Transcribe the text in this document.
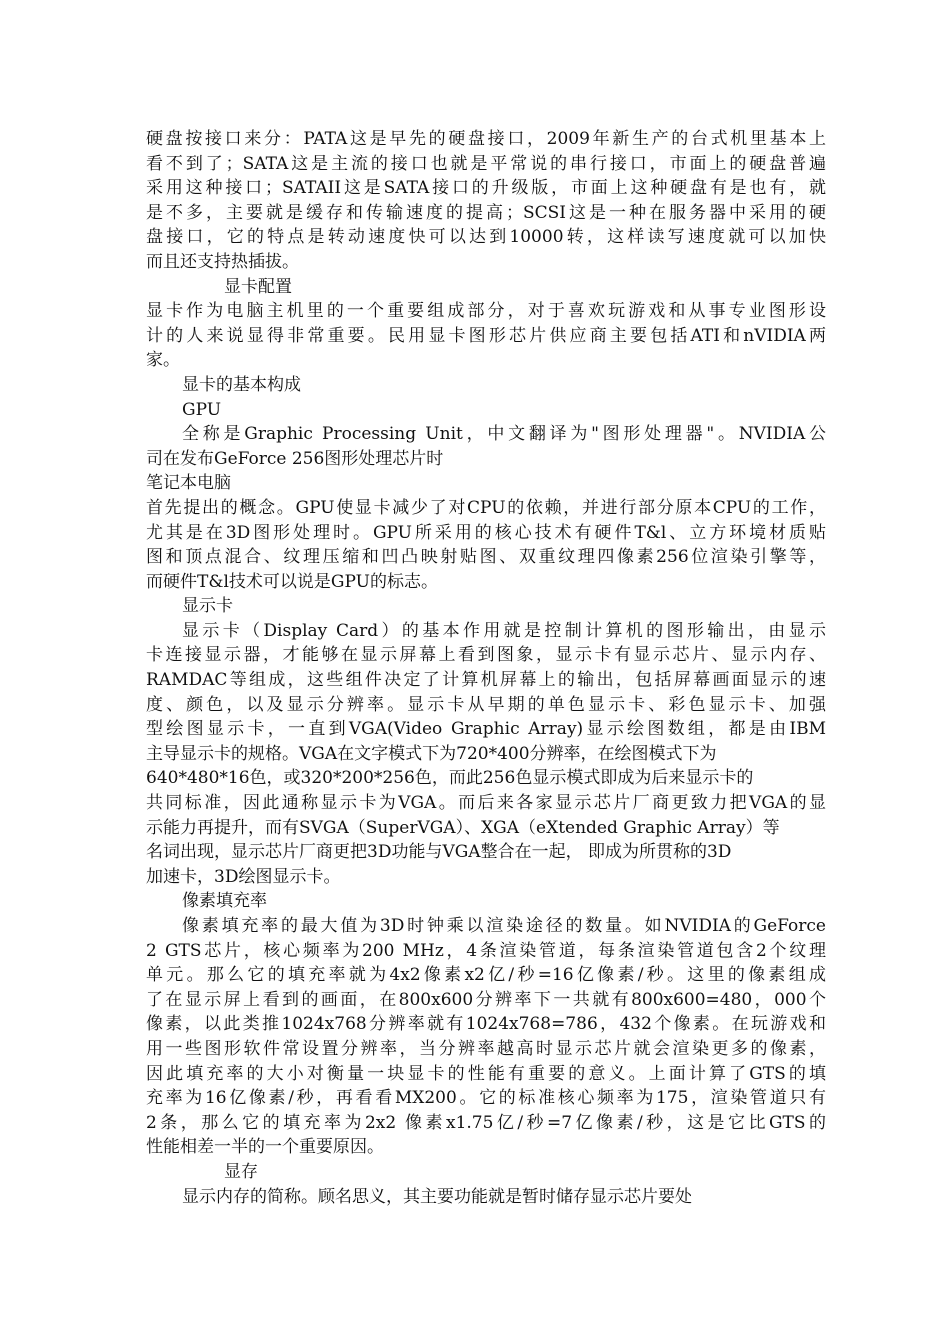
硬盘按接口来分：PATA这是早先的硬盘接口，2009年新生产的台式机里基本上
看不到了；SATA这是主流的接口也就是平常说的串行接口，市面上的硬盘普遍
采用这种接口；SATAII这是SATA接口的升级版，市面上这种硬盘有是也有，就
是不多，主要就是缓存和传输速度的提高；SCSI这是一种在服务器中采用的硬
盘接口，它的特点是转动速度快可以达到10000转，这样读写速度就可以加快
而且还支持热插拔。
显卡配置
显卡作为电脑主机里的一个重要组成部分，对于喜欢玩游戏和从事专业图形设
计的人来说显得非常重要。民用显卡图形芯片供应商主要包括ATI和nVIDIA两
家。
显卡的基本构成
GPU
全称是Graphic Processing Unit，中文翻译为"图形处理器"。NVIDIA公
司在发布GeForce 256图形处理芯片时
笔记本电脑
首先提出的概念。GPU使显卡减少了对CPU的依赖，并进行部分原本CPU的工作，
尤其是在3D图形处理时。GPU所采用的核心技术有硬件T&l、立方环境材质贴
图和顶点混合、纹理压缩和凹凸映射贴图、双重纹理四像素256位渲染引擎等，
而硬件T&l技术可以说是GPU的标志。
显示卡
显示卡（Display Card）的基本作用就是控制计算机的图形输出，由显示
卡连接显示器，才能够在显示屏幕上看到图象，显示卡有显示芯片、显示内存、
RAMDAC等组成，这些组件决定了计算机屏幕上的输出，包括屏幕画面显示的速
度、颜色，以及显示分辨率。显示卡从早期的单色显示卡、彩色显示卡、加强
型绘图显示卡，一直到VGA(Video Graphic Array)显示绘图数组，都是由IBM
主导显示卡的规格。VGA在文字模式下为720*400分辨率，在绘图模式下为
640*480*16色，或320*200*256色，而此256色显示模式即成为后来显示卡的
共同标准，因此通称显示卡为VGA。而后来各家显示芯片厂商更致力把VGA的显
示能力再提升，而有SVGA（SuperVGA）、XGA（eXtended Graphic Array）等
名词出现，显示芯片厂商更把3D功能与VGA整合在一起， 即成为所贯称的3D
加速卡，3D绘图显示卡。
像素填充率
像素填充率的最大值为3D时钟乘以渲染途径的数量。如NVIDIA的GeForce
2 GTS芯片，核心频率为200 MHz，4条渲染管道，每条渲染管道包含2个纹理
单元。那么它的填充率就为4x2像素x2亿/秒=16亿像素/秒。这里的像素组成
了在显示屏上看到的画面，在800x600分辨率下一共就有800x600=480，000个
像素，以此类推1024x768分辨率就有1024x768=786，432个像素。在玩游戏和
用一些图形软件常设置分辨率，当分辨率越高时显示芯片就会渲染更多的像素，
因此填充率的大小对衡量一块显卡的性能有重要的意义。上面计算了GTS的填
充率为16亿像素/秒，再看看MX200。它的标准核心频率为175，渲染管道只有
2条，那么它的填充率为2x2 像素x1.75亿/秒=7亿像素/秒，这是它比GTS的
性能相差一半的一个重要原因。
显存
显示内存的简称。顾名思义，其主要功能就是暂时储存显示芯片要处
